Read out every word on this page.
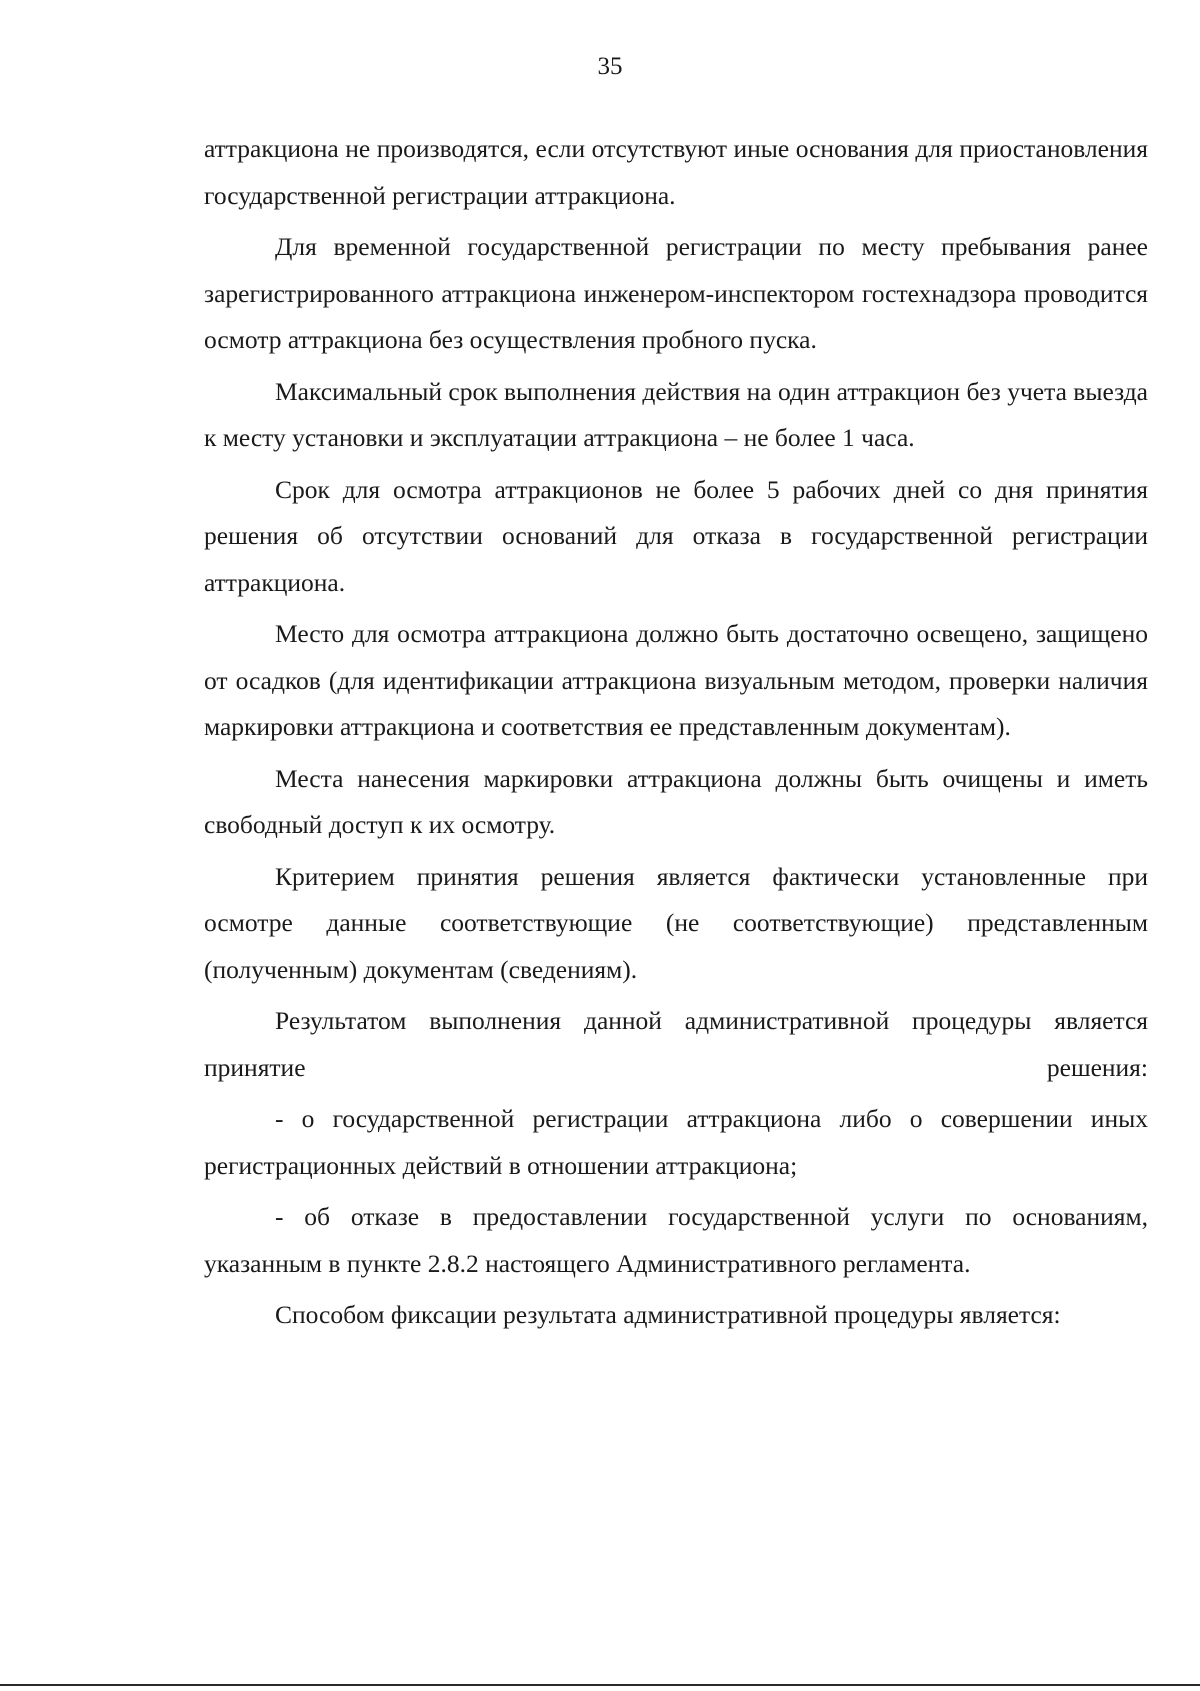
35

аттракциона не производятся, если отсутствуют иные основания для приостановления государственной регистрации аттракциона.

Для временной государственной регистрации по месту пребывания ранее зарегистрированного аттракциона инженером-инспектором гостехнадзора проводится осмотр аттракциона без осуществления пробного пуска.

Максимальный срок выполнения действия на один аттракцион без учета выезда к месту установки и эксплуатации аттракциона – не более 1 часа.

Срок для осмотра аттракционов не более 5 рабочих дней со дня принятия решения об отсутствии оснований для отказа в государственной регистрации аттракциона.

Место для осмотра аттракциона должно быть достаточно освещено, защищено от осадков (для идентификации аттракциона визуальным методом, проверки наличия маркировки аттракциона и соответствия ее представленным документам).

Места нанесения маркировки аттракциона должны быть очищены и иметь свободный доступ к их осмотру.

Критерием принятия решения является фактически установленные при осмотре данные соответствующие (не соответствующие) представленным (полученным) документам (сведениям).

Результатом выполнения данной административной процедуры является принятие решения:

- о государственной регистрации аттракциона либо о совершении иных регистрационных действий в отношении аттракциона;

- об отказе в предоставлении государственной услуги по основаниям, указанным в пункте 2.8.2 настоящего Административного регламента.

Способом фиксации результата административной процедуры является:
